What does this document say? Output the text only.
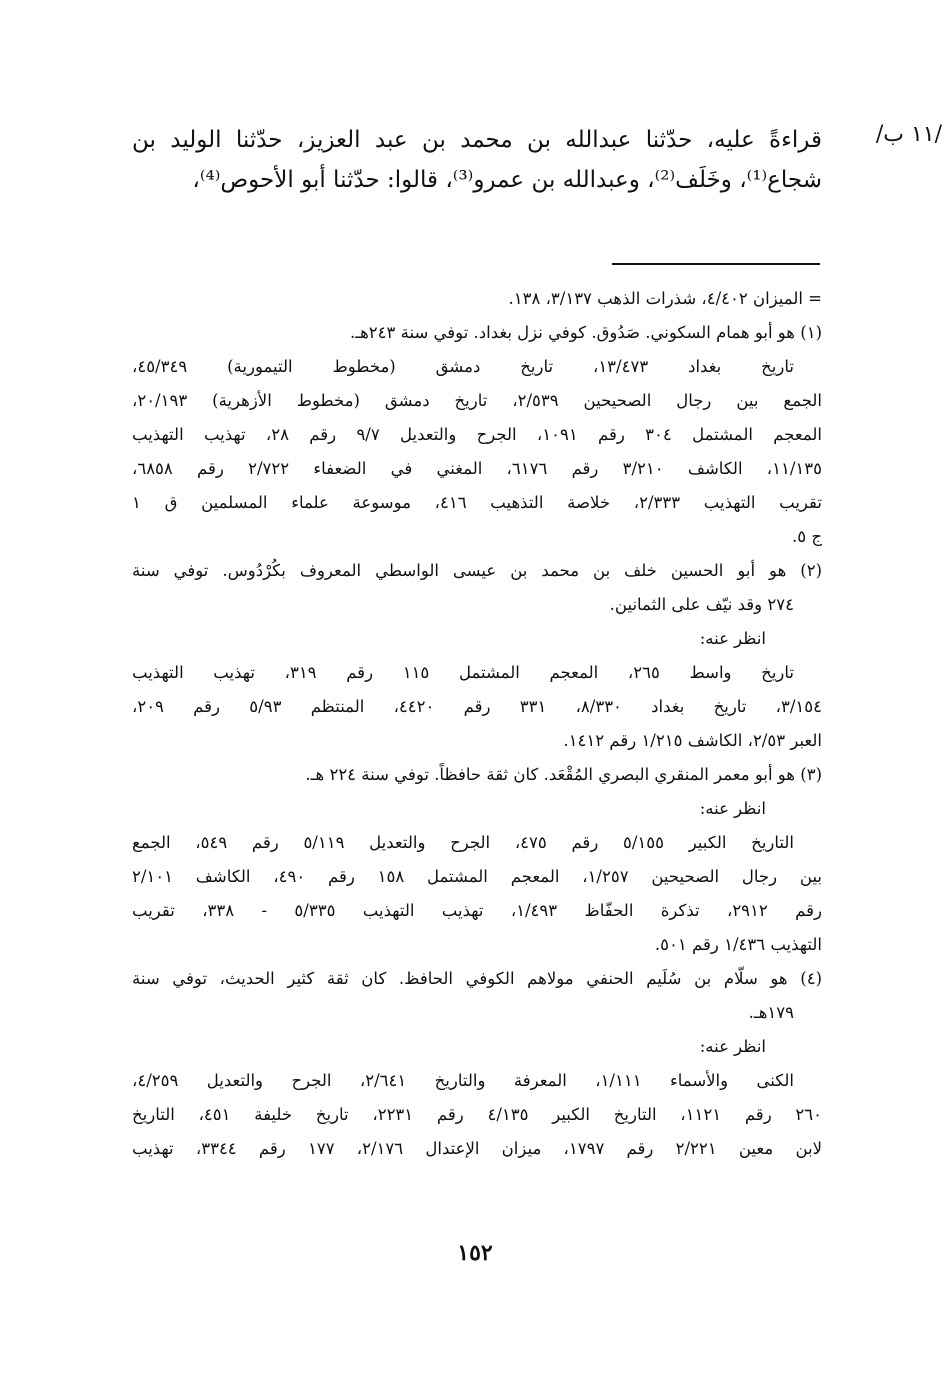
/١١ ب/

قراءةً عليه، حدّثنا عبدالله بن محمد بن عبد العزيز، حدّثنا الوليد بن

شجاع⁽¹⁾، وخَلَف⁽²⁾، وعبدالله بن عمرو⁽³⁾، قالوا: حدّثنا أبو الأحوص⁽⁴⁾،

= الميزان ٤/٤٠٢، شذرات الذهب ٣/١٣٧، ١٣٨.
(١) هو أبو همام السكوني. صَدُوق. كوفي نزل بغداد. توفي سنة ٢٤٣هـ.
تاريخ بغداد ١٣/٤٧٣، تاريخ دمشق (مخطوط التيمورية) ٤٥/٣٤٩،
الجمع بين رجال الصحيحين ٢/٥٣٩، تاريخ دمشق (مخطوط الأزهرية) ٢٠/١٩٣،
المعجم المشتمل ٣٠٤ رقم ١٠٩١، الجرح والتعديل ٩/٧ رقم ٢٨، تهذيب التهذيب
١١/١٣٥، الكاشف ٣/٢١٠ رقم ٦١٧٦، المغني في الضعفاء ٢/٧٢٢ رقم ٦٨٥٨،
تقريب التهذيب ٢/٣٣٣، خلاصة التذهيب ٤١٦، موسوعة علماء المسلمين ق ١
ج ٥.
(٢) هو أبو الحسين خلف بن محمد بن عيسى الواسطي المعروف بكُرْدُوس. توفي سنة
٢٧٤ وقد نيّف على الثمانين.
انظر عنه:
تاريخ واسط ٢٦٥، المعجم المشتمل ١١٥ رقم ٣١٩، تهذيب التهذيب
٣/١٥٤، تاريخ بغداد ٨/٣٣٠، ٣٣١ رقم ٤٤٢٠، المنتظم ٥/٩٣ رقم ٢٠٩،
العبر ٢/٥٣، الكاشف ١/٢١٥ رقم ١٤١٢.
(٣) هو أبو معمر المنقري البصري المُقْعَد. كان ثقة حافظاً. توفي سنة ٢٢٤ هـ.
انظر عنه:
التاريخ الكبير ٥/١٥٥ رقم ٤٧٥، الجرح والتعديل ٥/١١٩ رقم ٥٤٩، الجمع
بين رجال الصحيحين ١/٢٥٧، المعجم المشتمل ١٥٨ رقم ٤٩٠، الكاشف ٢/١٠١
رقم ٢٩١٢، تذكرة الحفّاظ ١/٤٩٣، تهذيب التهذيب ٥/٣٣٥ - ٣٣٨، تقريب
التهذيب ١/٤٣٦ رقم ٥٠١.
(٤) هو سلّام بن سُلَيم الحنفي مولاهم الكوفي الحافظ. كان ثقة كثير الحديث، توفي سنة
١٧٩هـ.
انظر عنه:
الكنى والأسماء ١/١١١، المعرفة والتاريخ ٢/٦٤١، الجرح والتعديل ٤/٢٥٩،
٢٦٠ رقم ١١٢١، التاريخ الكبير ٤/١٣٥ رقم ٢٢٣١، تاريخ خليفة ٤٥١، التاريخ
لابن معين ٢/٢٢١ رقم ١٧٩٧، ميزان الإعتدال ٢/١٧٦، ١٧٧ رقم ٣٣٤٤، تهذيب
١٥٢
